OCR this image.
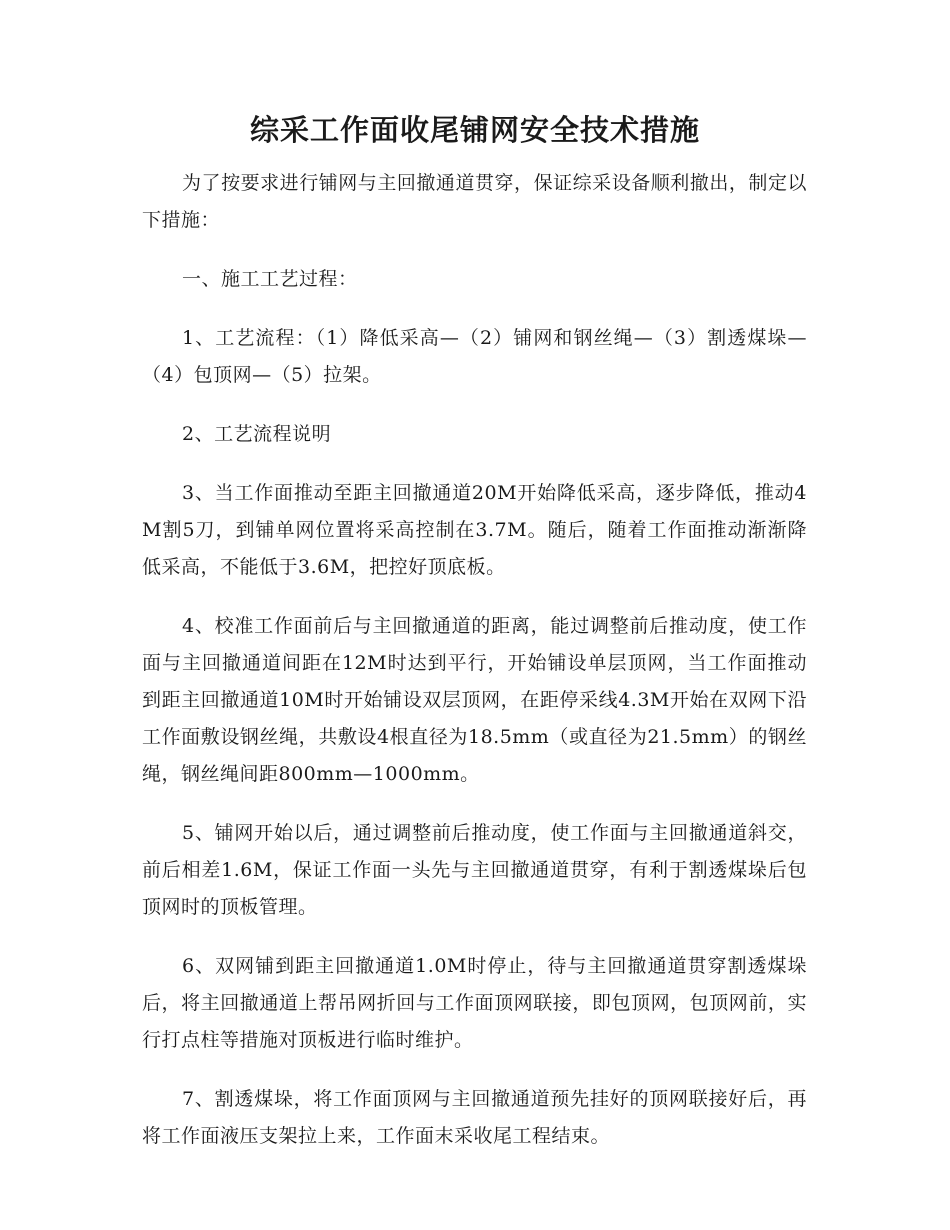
综采工作面收尾铺网安全技术措施

为了按要求进行铺网与主回撤通道贯穿，保证综采设备顺利撤出，制定以下措施：

一、施工工艺过程：

1、工艺流程：（1）降低采高—（2）铺网和钢丝绳—（3）割透煤垛—（4）包顶网—（5）拉架。

2、工艺流程说明

3、当工作面推动至距主回撤通道20M开始降低采高，逐步降低，推动4M割5刀，到铺单网位置将采高控制在3.7M。随后，随着工作面推动渐渐降低采高，不能低于3.6M，把控好顶底板。

4、校准工作面前后与主回撤通道的距离，能过调整前后推动度，使工作面与主回撤通道间距在12M时达到平行，开始铺设单层顶网，当工作面推动到距主回撤通道10M时开始铺设双层顶网，在距停采线4.3M开始在双网下沿工作面敷设钢丝绳，共敷设4根直径为18.5mm（或直径为21.5mm）的钢丝绳，钢丝绳间距800mm—1000mm。

5、铺网开始以后，通过调整前后推动度，使工作面与主回撤通道斜交，前后相差1.6M，保证工作面一头先与主回撤通道贯穿，有利于割透煤垛后包顶网时的顶板管理。

6、双网铺到距主回撤通道1.0M时停止，待与主回撤通道贯穿割透煤垛后，将主回撤通道上帮吊网折回与工作面顶网联接，即包顶网，包顶网前，实行打点柱等措施对顶板进行临时维护。

7、割透煤垛，将工作面顶网与主回撤通道预先挂好的顶网联接好后，再将工作面液压支架拉上来，工作面末采收尾工程结束。
